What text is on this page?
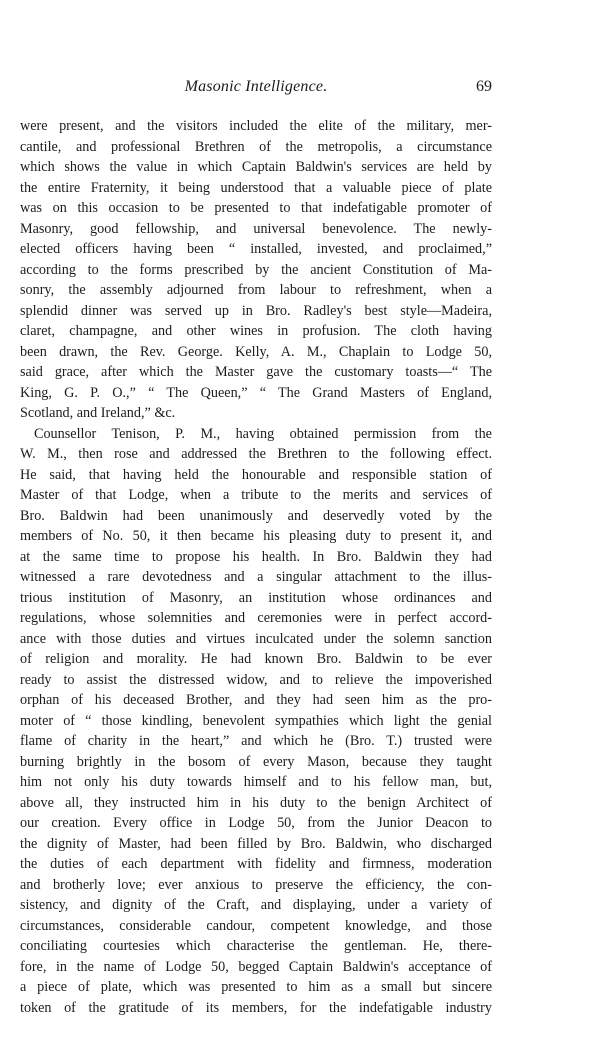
Masonic Intelligence.	69
were present, and the visitors included the elite of the military, mer-
cantile, and professional Brethren of the metropolis, a circumstance
which shows the value in which Captain Baldwin's services are held by
the entire Fraternity, it being understood that a valuable piece of plate
was on this occasion to be presented to that indefatigable promoter of
Masonry, good fellowship, and universal benevolence. The newly-
elected officers having been “ installed, invested, and proclaimed,”
according to the forms prescribed by the ancient Constitution of Ma-
sonry, the assembly adjourned from labour to refreshment, when a
splendid dinner was served up in Bro. Radley's best style—Madeira,
claret, champagne, and other wines in profusion. The cloth having
been drawn, the Rev. George. Kelly, A. M., Chaplain to Lodge 50,
said grace, after which the Master gave the customary toasts—“ The
King, G. P. O.,” “ The Queen,” “ The Grand Masters of England,
Scotland, and Ireland,” &c.
Counsellor Tenison, P. M., having obtained permission from the
W. M., then rose and addressed the Brethren to the following effect.
He said, that having held the honourable and responsible station of
Master of that Lodge, when a tribute to the merits and services of
Bro. Baldwin had been unanimously and deservedly voted by the
members of No. 50, it then became his pleasing duty to present it, and
at the same time to propose his health. In Bro. Baldwin they had
witnessed a rare devotedness and a singular attachment to the illus-
trious institution of Masonry, an institution whose ordinances and
regulations, whose solemnities and ceremonies were in perfect accord-
ance with those duties and virtues inculcated under the solemn sanction
of religion and morality. He had known Bro. Baldwin to be ever
ready to assist the distressed widow, and to relieve the impoverished
orphan of his deceased Brother, and they had seen him as the pro-
moter of “ those kindling, benevolent sympathies which light the genial
flame of charity in the heart,” and which he (Bro. T.) trusted were
burning brightly in the bosom of every Mason, because they taught
him not only his duty towards himself and to his fellow man, but,
above all, they instructed him in his duty to the benign Architect of
our creation. Every office in Lodge 50, from the Junior Deacon to
the dignity of Master, had been filled by Bro. Baldwin, who discharged
the duties of each department with fidelity and firmness, moderation
and brotherly love; ever anxious to preserve the efficiency, the con-
sistency, and dignity of the Craft, and displaying, under a variety of
circumstances, considerable candour, competent knowledge, and those
conciliating courtesies which characterise the gentleman. He, there-
fore, in the name of Lodge 50, begged Captain Baldwin's acceptance of
a piece of plate, which was presented to him as a small but sincere
token of the gratitude of its members, for the indefatigable industry
